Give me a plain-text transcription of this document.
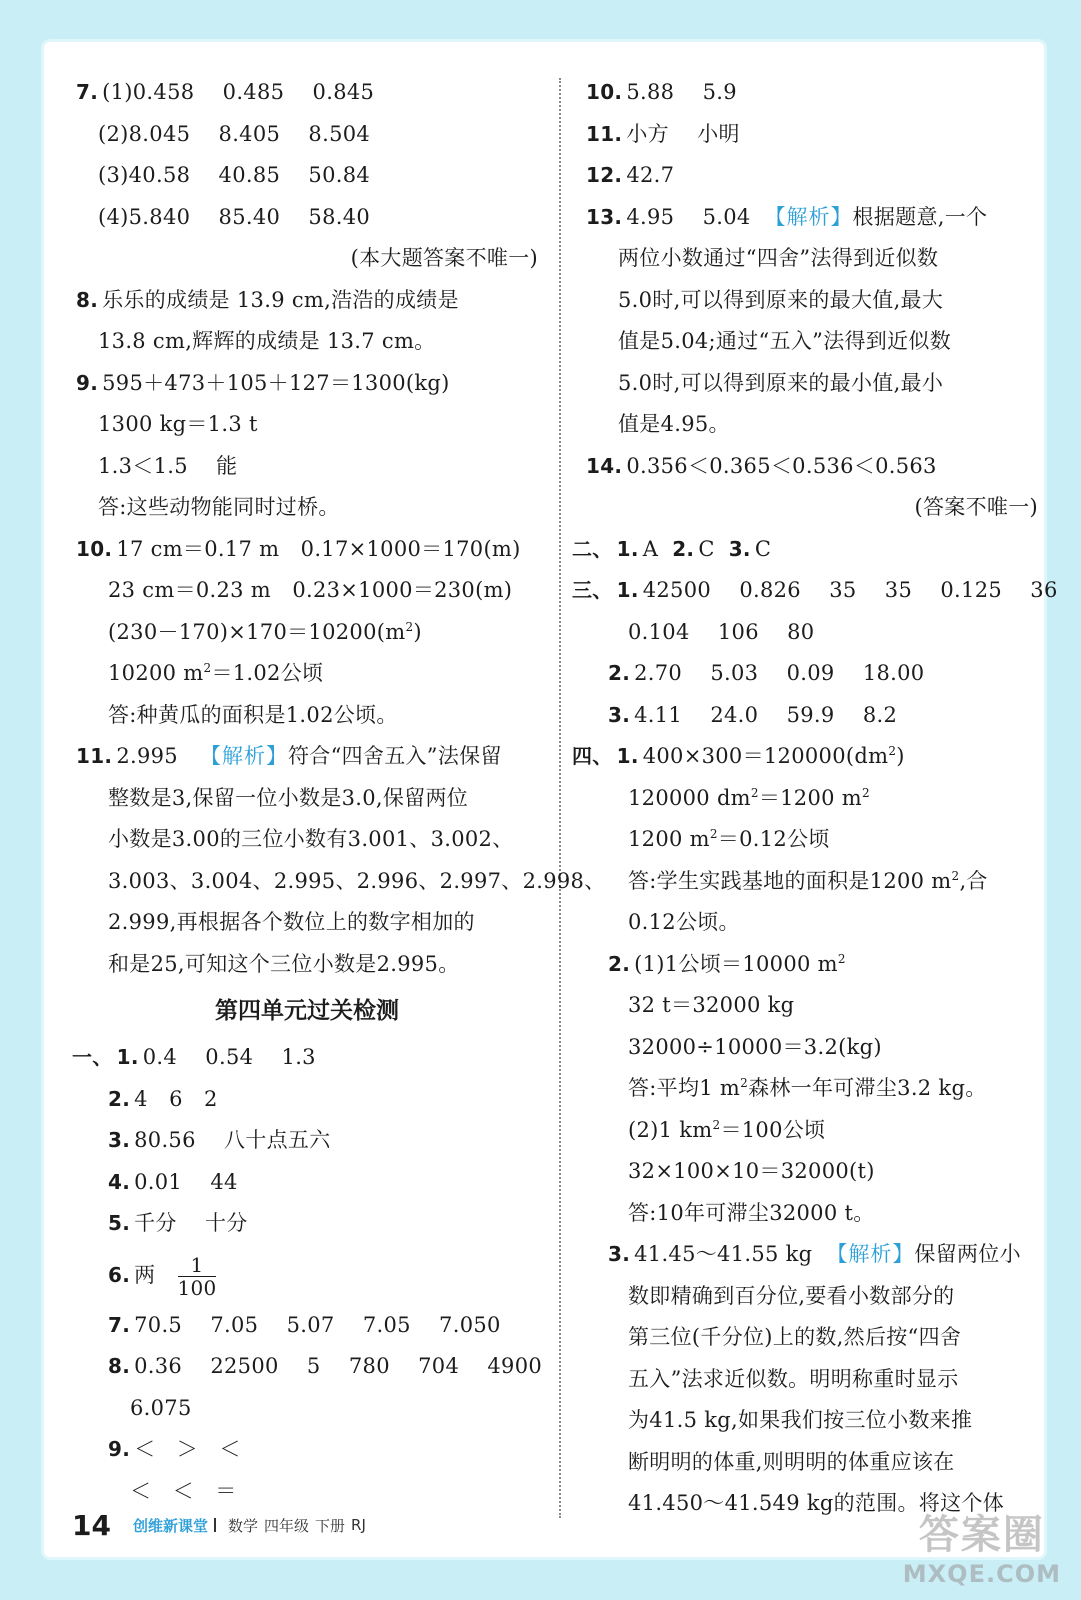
7. (1)0.458　 0.485　 0.845
(2)8.045　 8.405　 8.504
(3)40.58　 40.85　 50.84
(4)5.840　 85.40　 58.40
(本大题答案不唯一)
8. 乐乐的成绩是 13.9 cm,浩浩的成绩是
13.8 cm,辉辉的成绩是 13.7 cm。
9. 595＋473＋105＋127＝1300(kg)
1300 kg＝1.3 t
1.3＜1.5　 能
答:这些动物能同时过桥。
10. 17 cm＝0.17 m　0.17×1000＝170(m)
23 cm＝0.23 m　0.23×1000＝230(m)
$(230-170)\times 170=10200(m^2)$
10200 $m^2=1.02$公顷
答:种黄瓜的面积是1.02公顷。
11. 2.995 【解析】符合“四舍五入”法保留
整数是3,保留一位小数是3.0,保留两位
小数是3.00的三位小数有3.001、3.002、
3.003、3.004、2.995、2.996、2.997、2.998、
2.999,再根据各个数位上的数字相加的
和是25,可知这个三位小数是2.995。
第四单元过关检测
一、 1. 0.4　 0.54　 1.3
2. 4　6　2
3. 80.56　 八十点五六
4. 0.01　 44
5. 千分　 十分
6. 两 $\frac{1}{100}$
7. 70.5　 7.05　 5.07　 7.05　 7.050
8. 0.36　 22500　 5　 780　 704　 4900
6.075
9. ＜　＞　＜
＜　＜　＝
10. 5.88　 5.9
11. 小方　 小明
12. 42.7
13. 4.95　 5.04 【解析】根据题意,一个
两位小数通过“四舍”法得到近似数
5.0时,可以得到原来的最大值,最大
值是5.04;通过“五入”法得到近似数
5.0时,可以得到原来的最小值,最小
值是4.95。
14. 0.356＜0.365＜0.536＜0.563
(答案不唯一)
二、 1. A 2. C 3. C
三、 1. 42500　 0.826　 35　 35　 0.125　 36
0.104　 106　 80
2. 2.70　 5.03　 0.09　 18.00
3. 4.11　 24.0　 59.9　 8.2
四、 1. $400\times 300=120000(dm^2)$
120000 $dm^2=1200$ $m^2$
1200 $m^2=0.12$公顷
答:学生实践基地的面积是1200 $m^2$,合
0.12公顷。
2. (1)1公顷＝10000 $m^2$
32 t＝32000 kg
32000÷10000＝3.2(kg)
答:平均1 $m^2$森林一年可滞尘3.2 kg。
(2)1 $km^2=100$公顷
32×100×10＝32000(t)
答:10年可滞尘32000 t。
3. 41.45～41.55 kg 【解析】保留两位小
数即精确到百分位,要看小数部分的
第三位(千分位)上的数,然后按“四舍
五入”法求近似数。明明称重时显示
为41.5 kg,如果我们按三位小数来推
断明明的体重,则明明的体重应该在
41.450～41.549 kg的范围。将这个体
14 创维新课堂 数学 四年级 下册 RJ	答案圈
MXQE.COM
